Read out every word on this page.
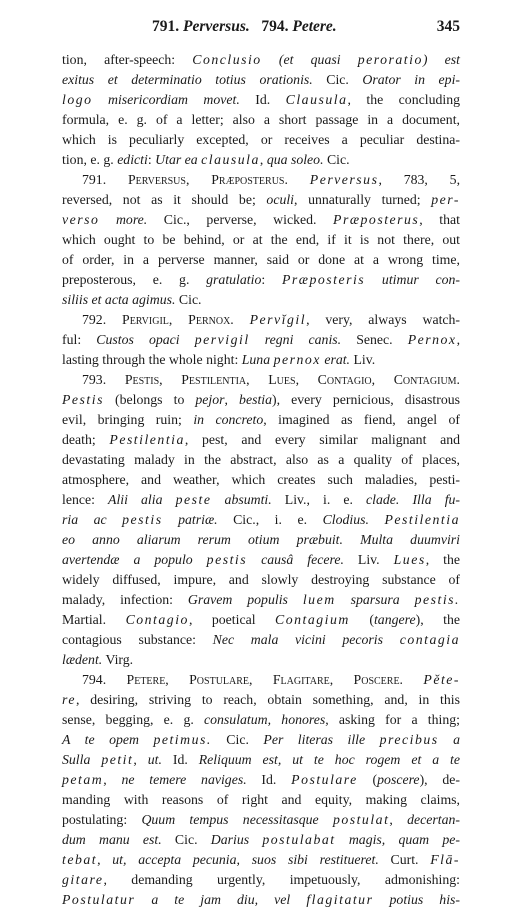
791. Perversus. 794. Petere.	345
tion, after-speech: Conclusio (et quasi peroratio) est
exitus et determinatio totius orationis. Cic. Orator in epi-
logo misericordiam movet. Id. Clausula, the concluding
formula, e. g. of a letter; also a short passage in a document,
which is peculiarly excepted, or receives a peculiar destina-
tion, e. g. edicti: Utar ea clausula, qua soleo. Cic.
791. Perversus, Præposterus. Perversus, 783, 5,
reversed, not as it should be; oculi, unnaturally turned; per-
verso more. Cic., perverse, wicked. Præposterus, that
which ought to be behind, or at the end, if it is not there, out
of order, in a perverse manner, said or done at a wrong time,
preposterous, e. g. gratulatio: Præposteris utimur con-
siliis et acta agimus. Cic.
792. Pervigil, Pernox. Pervĭgil, very, always watch-
ful: Custos opaci pervigil regni canis. Senec. Pernox,
lasting through the whole night: Luna pernox erat. Liv.
793. Pestis, Pestilentia, Lues, Contagio, Contagium.
Pestis (belongs to pejor, bestia), every pernicious, disastrous
evil, bringing ruin; in concreto, imagined as fiend, angel of
death; Pestilentia, pest, and every similar malignant and
devastating malady in the abstract, also as a quality of places,
atmosphere, and weather, which creates such maladies, pesti-
lence: Alii alia peste absumti. Liv., i. e. clade. Illa fu-
ria ac pestis patriæ. Cic., i. e. Clodius. Pestilentia
eo anno aliarum rerum otium præbuit. Multa duumviri
avertendæ a populo pestis causâ fecere. Liv. Lues, the
widely diffused, impure, and slowly destroying substance of
malady, infection: Gravem populis luem sparsura pestis.
Martial. Contagio, poetical Contagium (tangere), the
contagious substance: Nec mala vicini pecoris contagia
lædent. Virg.
794. Petere, Postulare, Flagitare, Poscere. Pĕte-
re, desiring, striving to reach, obtain something, and, in this
sense, begging, e. g. consulatum, honores, asking for a thing;
A te opem petimus. Cic. Per literas ille precibus a
Sulla petit, ut. Id. Reliquum est, ut te hoc rogem et a te
petam, ne temere naviges. Id. Postulare (poscere), de-
manding with reasons of right and equity, making claims,
postulating: Quum tempus necessitasque postulat, decertan-
dum manu est. Cic. Darius postulabat magis, quam pe-
tebat, ut, accepta pecunia, suos sibi restitueret. Curt. Flā-
gitare, demanding urgently, impetuously, admonishing:
Postulatur a te jam diu, vel flagitatur potius his-
